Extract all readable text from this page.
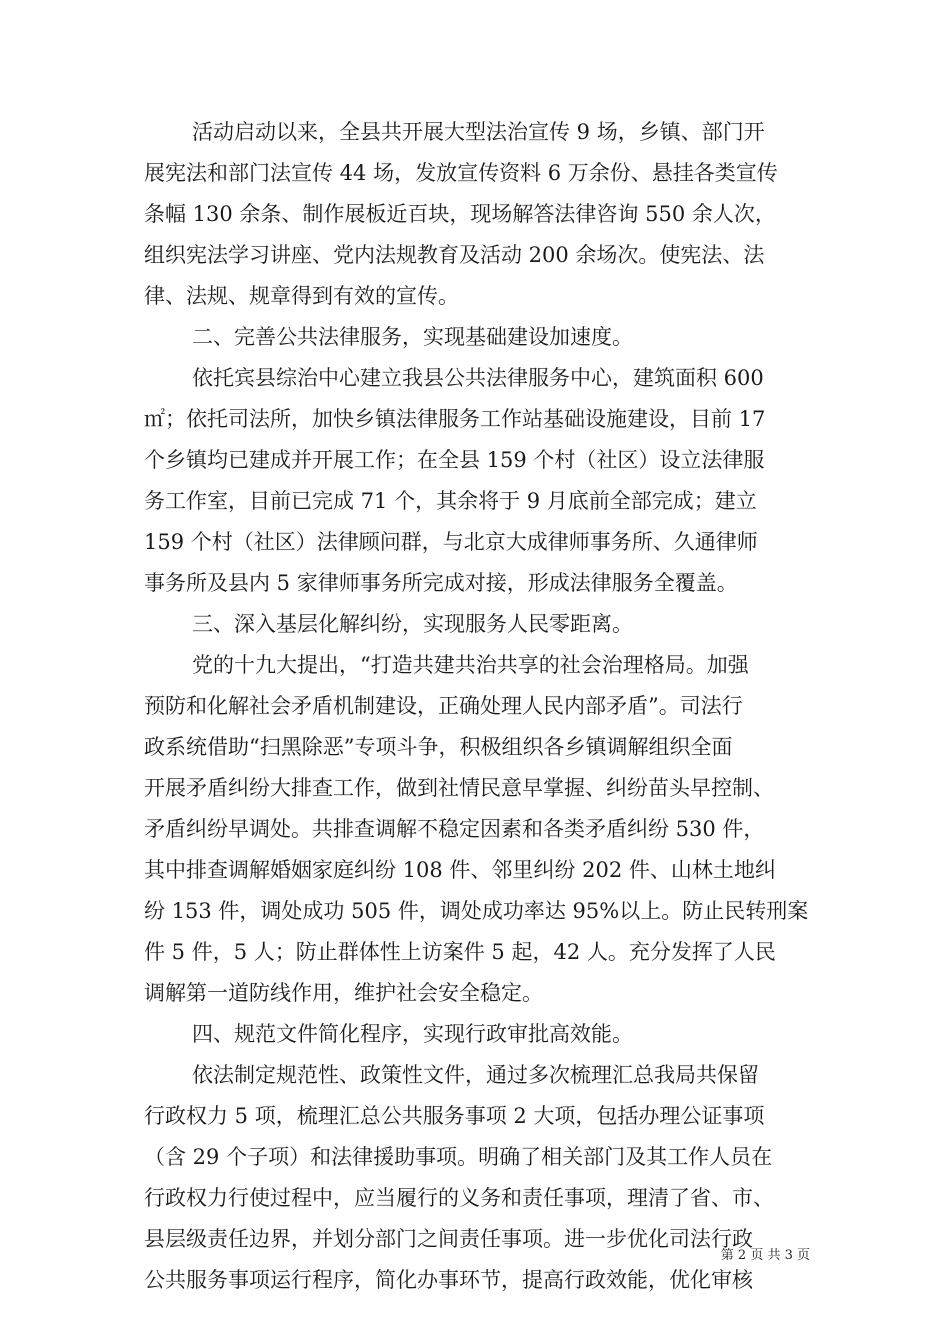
活动启动以来，全县共开展大型法治宣传 9 场，乡镇、部门开
展宪法和部门法宣传 44 场，发放宣传资料 6 万余份、悬挂各类宣传
条幅 130 余条、制作展板近百块，现场解答法律咨询 550 余人次，
组织宪法学习讲座、党内法规教育及活动 200 余场次。使宪法、法
律、法规、规章得到有效的宣传。
二、完善公共法律服务，实现基础建设加速度。
依托宾县综治中心建立我县公共法律服务中心，建筑面积 600
㎡；依托司法所，加快乡镇法律服务工作站基础设施建设，目前 17
个乡镇均已建成并开展工作；在全县 159 个村（社区）设立法律服
务工作室，目前已完成 71 个，其余将于 9 月底前全部完成；建立
159 个村（社区）法律顾问群，与北京大成律师事务所、久通律师
事务所及县内 5 家律师事务所完成对接，形成法律服务全覆盖。
三、深入基层化解纠纷，实现服务人民零距离。
党的十九大提出，“打造共建共治共享的社会治理格局。加强
预防和化解社会矛盾机制建设，正确处理人民内部矛盾”。司法行
政系统借助“扫黑除恶”专项斗争，积极组织各乡镇调解组织全面
开展矛盾纠纷大排查工作，做到社情民意早掌握、纠纷苗头早控制、
矛盾纠纷早调处。共排查调解不稳定因素和各类矛盾纠纷 530 件，
其中排查调解婚姻家庭纠纷 108 件、邻里纠纷 202 件、山林土地纠
纷 153 件，调处成功 505 件，调处成功率达 95%以上。防止民转刑案
件 5 件，5 人；防止群体性上访案件 5 起，42 人。充分发挥了人民
调解第一道防线作用，维护社会安全稳定。
四、规范文件简化程序，实现行政审批高效能。
依法制定规范性、政策性文件，通过多次梳理汇总我局共保留
行政权力 5 项，梳理汇总公共服务事项 2 大项，包括办理公证事项
（含 29 个子项）和法律援助事项。明确了相关部门及其工作人员在
行政权力行使过程中，应当履行的义务和责任事项，理清了省、市、
县层级责任边界，并划分部门之间责任事项。进一步优化司法行政
公共服务事项运行程序，简化办事环节，提高行政效能，优化审核
第 2 页 共 3 页
